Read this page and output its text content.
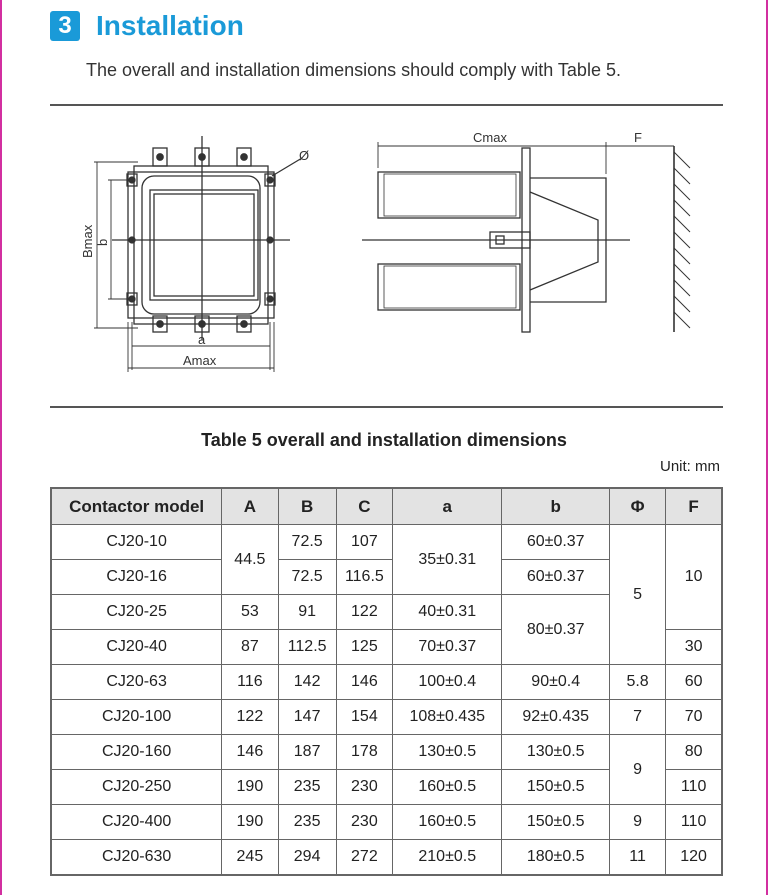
3 Installation
The overall and installation dimensions should comply with Table 5.
Ø
Bmax b
a
Amax
Cmax	F
Table 5 overall and installation dimensions
Unit: mm
Contactor model	A	B	C	a	b	Φ	F
CJ20-10	44.5	72.5	107	35±0.31	60±0.37	5	10
CJ20-16		72.5	116.5		60±0.37		
CJ20-25	53	91	122	40±0.31	80±0.37		
CJ20-40	87	112.5	125	70±0.37			30
CJ20-63	116	142	146	100±0.4	90±0.4	5.8	60
CJ20-100	122	147	154	108±0.435	92±0.435	7	70
CJ20-160	146	187	178	130±0.5	130±0.5	9	80
CJ20-250	190	235	230	160±0.5	150±0.5		110
CJ20-400	190	235	230	160±0.5	150±0.5	9	110
CJ20-630	245	294	272	210±0.5	180±0.5	11	120
